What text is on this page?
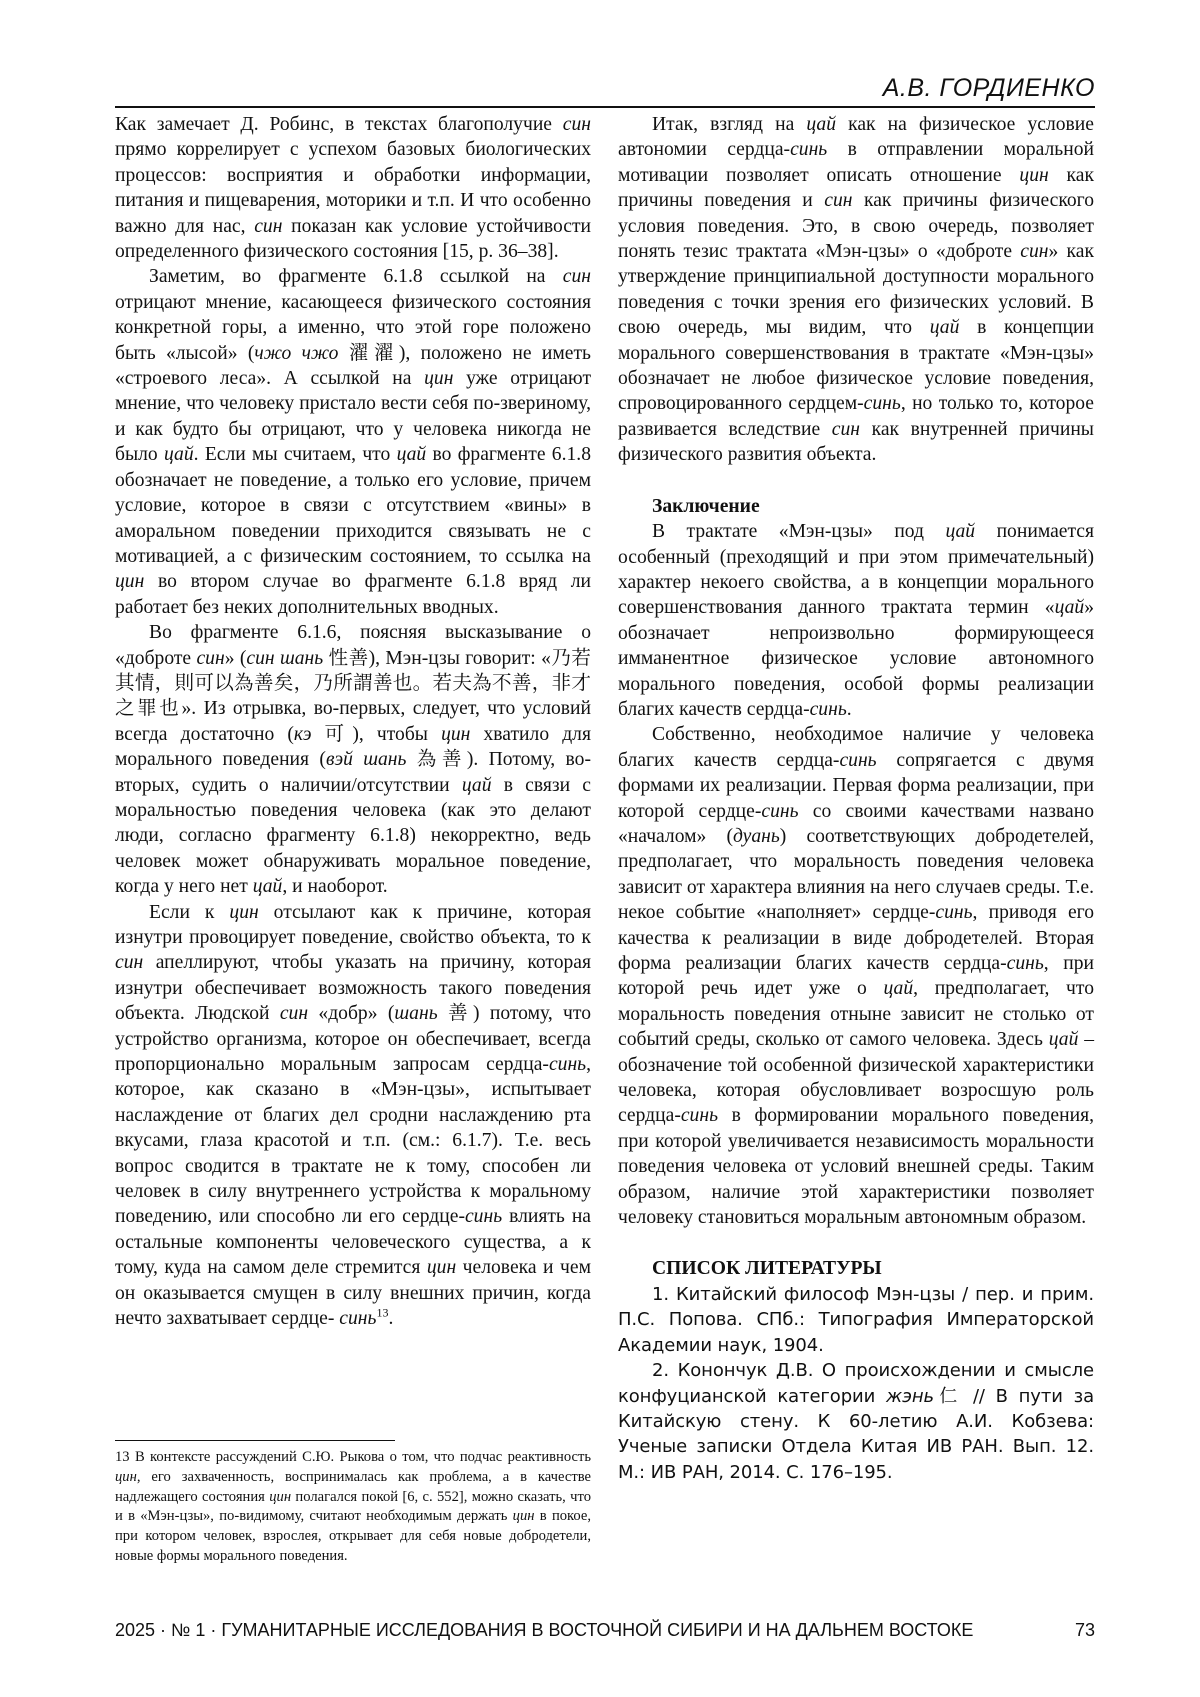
А.В. ГОРДИЕНКО

Как замечает Д. Робинс, в текстах благополучие син прямо коррелирует с успехом базовых биологических процессов: восприятия и обработки информации, питания и пищеварения, моторики и т.п. И что особенно важно для нас, син показан как условие устойчивости определенного физического состояния [15, p. 36–38].

Заметим, во фрагменте 6.1.8 ссылкой на син отрицают мнение, касающееся физического состояния конкретной горы, а именно, что этой горе положено быть «лысой» (чжо чжо 濯濯), положено не иметь «строевого леса». А ссылкой на цин уже отрицают мнение, что человеку пристало вести себя по-звериному, и как будто бы отрицают, что у человека никогда не было цай. Если мы считаем, что цай во фрагменте 6.1.8 обозначает не поведение, а только его условие, причем условие, которое в связи с отсутствием «вины» в аморальном поведении приходится связывать не с мотивацией, а с физическим состоянием, то ссылка на цин во втором случае во фрагменте 6.1.8 вряд ли работает без неких дополнительных вводных.

Во фрагменте 6.1.6, поясняя высказывание о «доброте син» (син шань 性善), Мэн-цзы говорит: «乃若其情，則可以為善矣，乃所謂善也。若夫為不善，非才之罪也». Из отрывка, во-первых, следует, что условий всегда достаточно (кэ 可), чтобы цин хватило для морального поведения (вэй шань 為善). Потому, во-вторых, судить о наличии/отсутствии цай в связи с моральностью поведения человека (как это делают люди, согласно фрагменту 6.1.8) некорректно, ведь человек может обнаруживать моральное поведение, когда у него нет цай, и наоборот.

Если к цин отсылают как к причине, которая изнутри провоцирует поведение, свойство объекта, то к син апеллируют, чтобы указать на причину, которая изнутри обеспечивает возможность такого поведения объекта. Людской син «добр» (шань 善) потому, что устройство организма, которое он обеспечивает, всегда пропорционально моральным запросам сердца-синь, которое, как сказано в «Мэн-цзы», испытывает наслаждение от благих дел сродни наслаждению рта вкусами, глаза красотой и т.п. (см.: 6.1.7). Т.е. весь вопрос сводится в трактате не к тому, способен ли человек в силу внутреннего устройства к моральному поведению, или способно ли его сердце-синь влиять на остальные компоненты человеческого существа, а к тому, куда на самом деле стремится цин человека и чем он оказывается смущен в силу внешних причин, когда нечто захватывает сердце- синь$^{13}$.

13 В контексте рассуждений С.Ю. Рыкова о том, что подчас реактивность цин, его захваченность, воспринималась как проблема, а в качестве надлежащего состояния цин полагался покой [6, с. 552], можно сказать, что и в «Мэн-цзы», по-видимому, считают необходимым держать цин в покое, при котором человек, взрослея, открывает для себя новые добродетели, новые формы морального поведения.

Итак, взгляд на цай как на физическое условие автономии сердца-синь в отправлении моральной мотивации позволяет описать отношение цин как причины поведения и син как причины физического условия поведения. Это, в свою очередь, позволяет понять тезис трактата «Мэн-цзы» о «доброте син» как утверждение принципиальной доступности морального поведения с точки зрения его физических условий. В свою очередь, мы видим, что цай в концепции морального совершенствования в трактате «Мэн-цзы» обозначает не любое физическое условие поведения, спровоцированного сердцем-синь, но только то, которое развивается вследствие син как внутренней причины физического развития объекта.

Заключение

В трактате «Мэн-цзы» под цай понимается особенный (преходящий и при этом примечательный) характер некоего свойства, а в концепции морального совершенствования данного трактата термин «цай» обозначает непроизвольно формирующееся имманентное физическое условие автономного морального поведения, особой формы реализации благих качеств сердца-синь.

Собственно, необходимое наличие у человека благих качеств сердца-синь сопрягается с двумя формами их реализации. Первая форма реализации, при которой сердце-синь со своими качествами названо «началом» (дуань) соответствующих добродетелей, предполагает, что моральность поведения человека зависит от характера влияния на него случаев среды. Т.е. некое событие «наполняет» сердце-синь, приводя его качества к реализации в виде добродетелей. Вторая форма реализации благих качеств сердца-синь, при которой речь идет уже о цай, предполагает, что моральность поведения отныне зависит не столько от событий среды, сколько от самого человека. Здесь цай – обозначение той особенной физической характеристики человека, которая обусловливает возросшую роль сердца-синь в формировании морального поведения, при которой увеличивается независимость моральности поведения человека от условий внешней среды. Таким образом, наличие этой характеристики позволяет человеку становиться моральным автономным образом.

СПИСОК ЛИТЕРАТУРЫ

1. Китайский философ Мэн-цзы / пер. и прим. П.С. Попова. СПб.: Типография Императорской Академии наук, 1904.

2. Конончук Д.В. О происхождении и смысле конфуцианской категории жэнь仁 // В пути за Китайскую стену. К 60-летию А.И. Кобзева: Ученые записки Отдела Китая ИВ РАН. Вып. 12. М.: ИВ РАН, 2014. С. 176–195.

2025 · № 1 · ГУМАНИТАРНЫЕ ИССЛЕДОВАНИЯ В ВОСТОЧНОЙ СИБИРИ И НА ДАЛЬНЕМ ВОСТОКЕ	73
